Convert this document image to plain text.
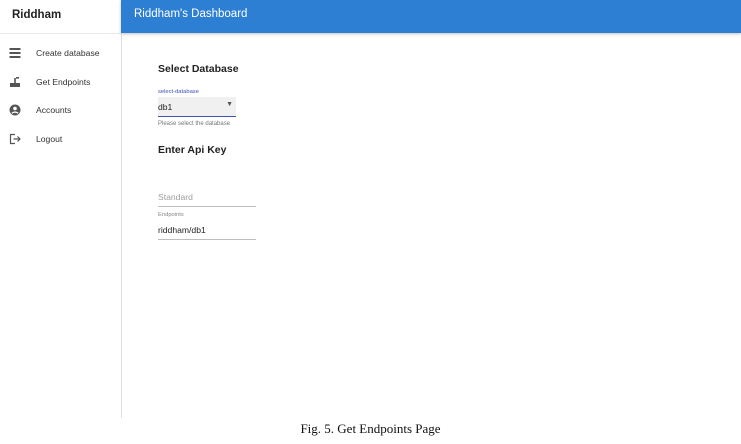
Riddham
Create database
Get Endpoints
Accounts
Logout
Riddham's Dashboard
Select Database
select-database
db1	▼
Please select the database
Enter Api Key
Standard
Endpoints
riddham/db1
Fig. 5. Get Endpoints Page
